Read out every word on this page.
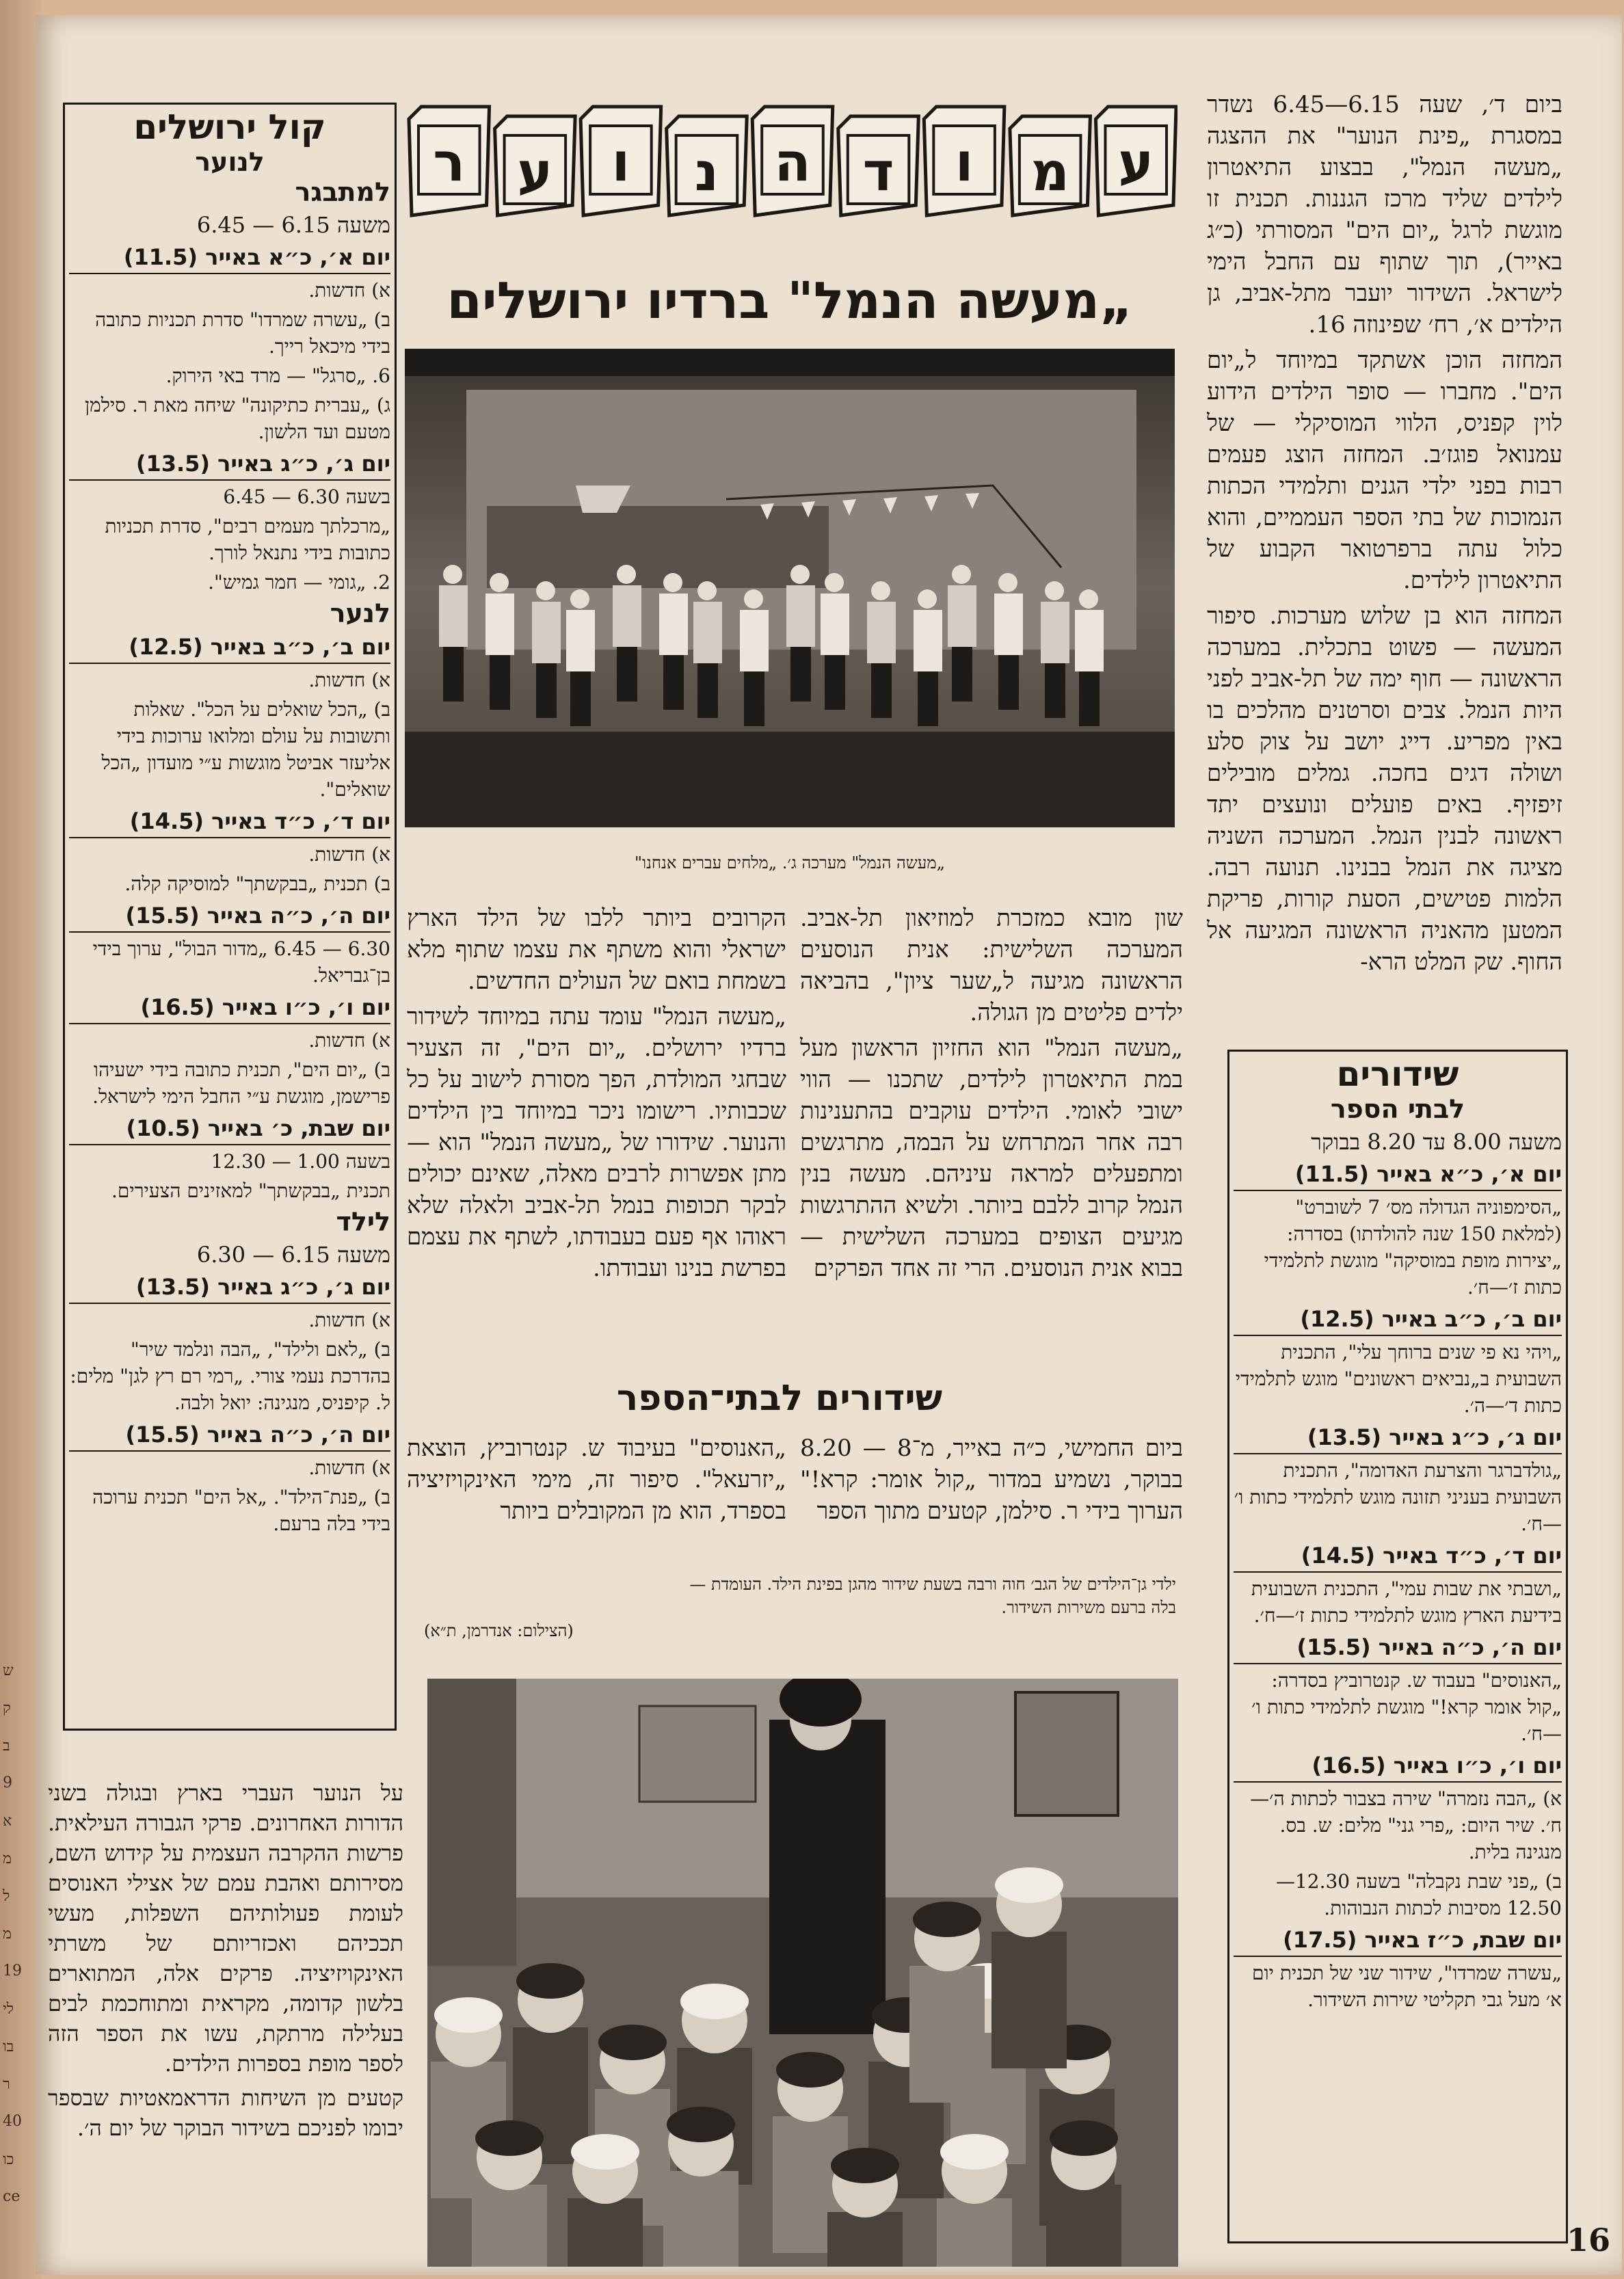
ש
ק
ב
9
א
מ
ל
מ
19
לי
בו
ר
40
כו
ce
ע
מ
ו
ד
ה
נ
ו
ע
ר
„מעשה הנמל" ברדיו ירושלים
„מעשה הנמל" מערכה ג׳. „מלחים עברים אנחנו"

ביום ד׳, שעה 6.15—6.45 נשדר במסגרת „פינת הנוער" את ההצגה „מעשה הנמל", בבצוע התיאטרון לילדים שליד מרכז הגננות. תכנית זו מוגשת לרגל „יום הים" המסורתי (כ״ג באייר), תוך שתוף עם החבל הימי לישראל. השידור יועבר מתל-אביב, גן הילדים א׳, רח׳ שפינוזה 16.

המחזה הוכן אשתקד במיוחד ל„יום הים". מחברו — סופר הילדים הידוע לוין קפניס, הלווי המוסיקלי — של עמנואל פוגז׳ב. המחזה הוצג פעמים רבות בפני ילדי הגנים ותלמידי הכתות הנמוכות של בתי הספר העממיים, והוא כלול עתה ברפרטואר הקבוע של התיאטרון לילדים.

המחזה הוא בן שלוש מערכות. סיפור המעשה — פשוט בתכלית. במערכה הראשונה — חוף ימה של תל-אביב לפני היות הנמל. צבים וסרטנים מהלכים בו באין מפריע. דייג יושב על צוק סלע ושולה דגים בחכה. גמלים מובילים זיפזיף. באים פועלים ונועצים יתד ראשונה לבנין הנמל. המערכה השניה מציגה את הנמל בבנינו. תנועה רבה. הלמות פטישים, הסעת קורות, פריקת המטען מהאניה הראשונה המגיעה אל החוף. שק המלט הרא-

שון מובא כמזכרת למוזיאון תל-אביב. המערכה השלישית: אנית הנוסעים הראשונה מגיעה ל„שער ציון", בהביאה ילדים פליטים מן הגולה.

„מעשה הנמל" הוא החזיון הראשון מעל במת התיאטרון לילדים, שתכנו — הווי ישובי לאומי. הילדים עוקבים בהתענינות רבה אחר המתרחש על הבמה, מתרגשים ומתפעלים למראה עיניהם. מעשה בנין הנמל קרוב ללבם ביותר. ולשיא ההתרגשות מגיעים הצופים במערכה השלישית — בבוא אנית הנוסעים. הרי זה אחד הפרקים

הקרובים ביותר ללבו של הילד הארץ ישראלי והוא משתף את עצמו שתוף מלא בשמחת בואם של העולים החדשים.

„מעשה הנמל" עומד עתה במיוחד לשידור ברדיו ירושלים. „יום הים", זה הצעיר שבחגי המולדת, הפך מסורת לישוב על כל שכבותיו. רישומו ניכר במיוחד בין הילדים והנוער. שידורו של „מעשה הנמל" הוא — מתן אפשרות לרבים מאלה, שאינם יכולים לבקר תכופות בנמל תל-אביב ולאלה שלא ראוהו אף פעם בעבודתו, לשתף את עצמם בפרשת בנינו ועבודתו.

שידורים לבתי־הספר
ביום החמישי, כ״ה באייר, מ־8 — 8.20 בבוקר, נשמיע במדור „קול אומר: קרא!" הערוך בידי ר. סילמן, קטעים מתוך הספר
„האנוסים" בעיבוד ש. קנטרוביץ, הוצאת „יזרעאל". סיפור זה, מימי האינקויזיציה בספרד, הוא מן המקובלים ביותר
ילדי גן־הילדים של הגב׳ חוה ורבה בשעת שידור מהגן בפינת הילד. העומדת —
בלה ברעם משירות השידור.
(הצילום: אנדרמן, ת״א)

על הנוער העברי בארץ ובגולה בשני הדורות האחרונים. פרקי הגבורה העילאית. פרשות ההקרבה העצמית על קידוש השם, מסירותם ואהבת עמם של אצילי האנוסים לעומת פעולותיהם השפלות, מעשי תככיהם ואכזריותם של משרתי האינקויזיציה. פרקים אלה, המתוארים בלשון קדומה, מקראית ומתוחכמת לבים בעלילה מרתקת, עשו את הספר הזה לספר מופת בספרות הילדים.

קטעים מן השיחות הדראמאטיות שבספר יבומו לפניכם בשידור הבוקר של יום ה׳.

קול ירושלים
לנוער
למתבגר
משעה 6.15 — 6.45
יום א׳, כ״א באייר (11.5)
א) חדשות.
ב) „עשרה שמרדו" סדרת תכניות כתובה בידי מיכאל רייך.
6. „סרגל" — מרד באי הירוק.
ג) „עברית כתיקונה" שיחה מאת ר. סילמן מטעם ועד הלשון.
יום ג׳, כ״ג באייר (13.5)
בשעה 6.30 — 6.45
„מרכלתך מעמים רבים", סדרת תכניות כתובות בידי נתנאל לורך.
2. „גומי — חמר גמיש".
לנער
יום ב׳, כ״ב באייר (12.5)
א) חדשות.
ב) „הכל שואלים על הכל". שאלות ותשובות על עולם ומלואו ערוכות בידי אליעזר אביטל מוגשות ע״י מועדון „הכל שואלים".
יום ד׳, כ״ד באייר (14.5)
א) חדשות.
ב) תכנית „בבקשתך" למוסיקה קלה.
יום ה׳, כ״ה באייר (15.5)
6.30 — 6.45 „מדור הבול", ערוך בידי בן־גבריאל.
יום ו׳, כ״ו באייר (16.5)
א) חדשות.
ב) „יום הים", תכנית כתובה בידי ישעיהו פרישמן, מוגשת ע״י החבל הימי לישראל.
יום שבת, כ׳ באייר (10.5)
בשעה 1.00 — 12.30
תכנית „בבקשתך" למאזינים הצעירים.
לילד
משעה 6.15 — 6.30
יום ג׳, כ״ג באייר (13.5)
א) חדשות.
ב) „לאם ולילד", „הבה ונלמד שיר" בהדרכת נעמי צורי. „רמי רם רץ לגן" מלים: ל. קיפניס, מנגינה: יואל ולבה.
יום ה׳, כ״ה באייר (15.5)
א) חדשות.
ב) „פנת־הילד". „אל הים" תכנית ערוכה בידי בלה ברעם.
שידורים
לבתי הספר
משעה 8.00 עד 8.20 בבוקר
יום א׳, כ״א באייר (11.5)
„הסימפוניה הגדולה מס׳ 7 לשוברט" (למלאת 150 שנה להולדתו) בסדרה: „יצירות מופת במוסיקה" מוגשת לתלמידי כתות ז׳—ח׳.
יום ב׳, כ״ב באייר (12.5)
„ויהי נא פי שנים ברוחך עלי", התכנית השבועית ב„נביאים ראשונים" מוגש לתלמידי כתות ד׳—ה׳.
יום ג׳, כ״ג באייר (13.5)
„גולדברגר והצרעת האדומה", התכנית השבועית בעניני תזונה מוגש לתלמידי כתות ו׳—ח׳.
יום ד׳, כ״ד באייר (14.5)
„ושבתי את שבות עמי", התכנית השבועית בידיעת הארץ מוגש לתלמידי כתות ז׳—ח׳.
יום ה׳, כ״ה באייר (15.5)
„האנוסים" בעבוד ש. קנטרוביץ בסדרה: „קול אומר קרא!" מוגשת לתלמידי כתות ו׳—ח׳.
יום ו׳, כ״ו באייר (16.5)
א) „הבה נזמרה" שירה בצבור לכתות ה׳—ח׳. שיר היום: „פרי גני" מלים: ש. בס. מנגינה בלית.
ב) „פני שבת נקבלה" בשעה 12.30—12.50 מסיבות לכתות הנבוהות.
יום שבת, כ״ז באייר (17.5)
„עשרה שמרדו", שידור שני של תכנית יום א׳ מעל גבי תקליטי שירות השידור.
16
